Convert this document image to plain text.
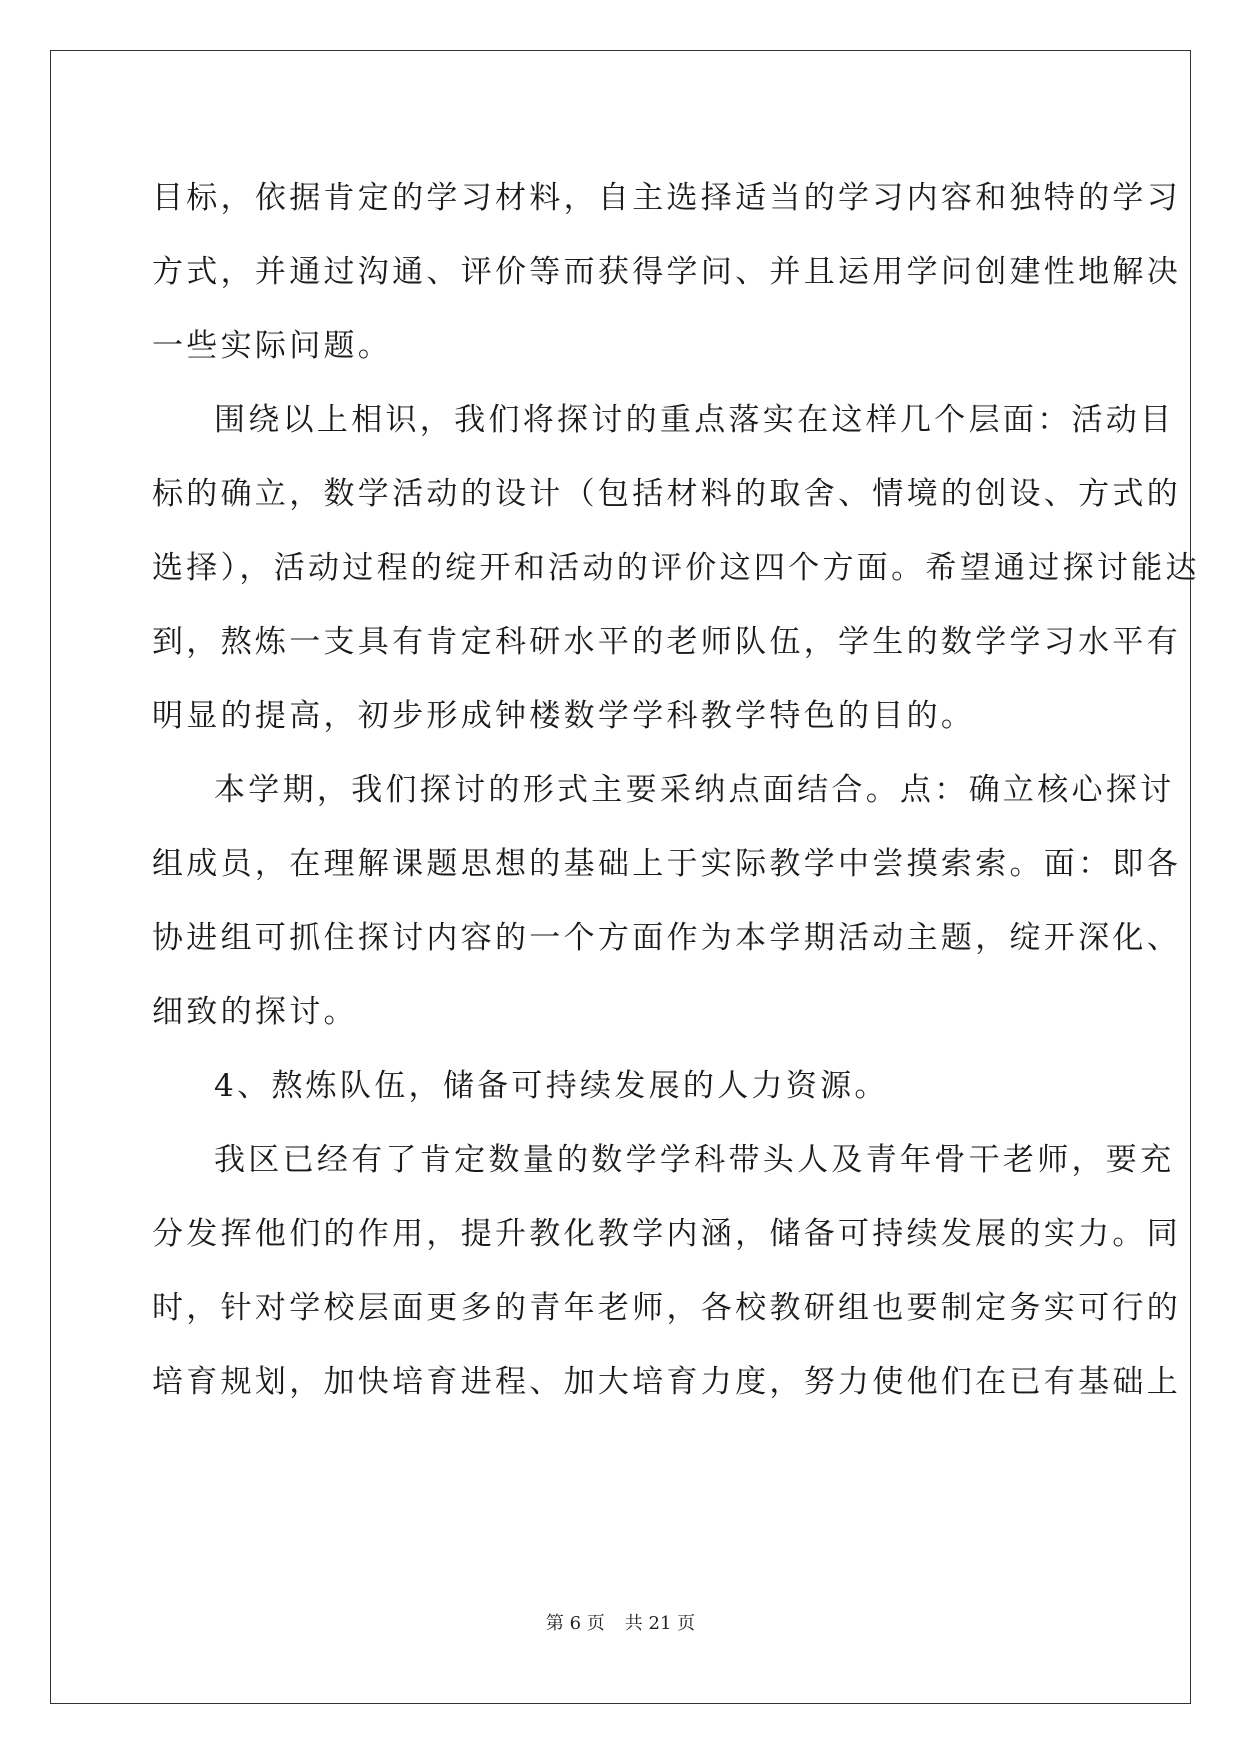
目标，依据肯定的学习材料，自主选择适当的学习内容和独特的学习
方式，并通过沟通、评价等而获得学问、并且运用学问创建性地解决
一些实际问题。
围绕以上相识，我们将探讨的重点落实在这样几个层面：活动目
标的确立，数学活动的设计（包括材料的取舍、情境的创设、方式的
选择），活动过程的绽开和活动的评价这四个方面。希望通过探讨能达
到，熬炼一支具有肯定科研水平的老师队伍，学生的数学学习水平有
明显的提高，初步形成钟楼数学学科教学特色的目的。
本学期，我们探讨的形式主要采纳点面结合。点：确立核心探讨
组成员，在理解课题思想的基础上于实际教学中尝摸索索。面：即各
协进组可抓住探讨内容的一个方面作为本学期活动主题，绽开深化、
细致的探讨。
4、熬炼队伍，储备可持续发展的人力资源。
我区已经有了肯定数量的数学学科带头人及青年骨干老师，要充
分发挥他们的作用，提升教化教学内涵，储备可持续发展的实力。同
时，针对学校层面更多的青年老师，各校教研组也要制定务实可行的
培育规划，加快培育进程、加大培育力度，努力使他们在已有基础上
第 6 页 共 21 页
